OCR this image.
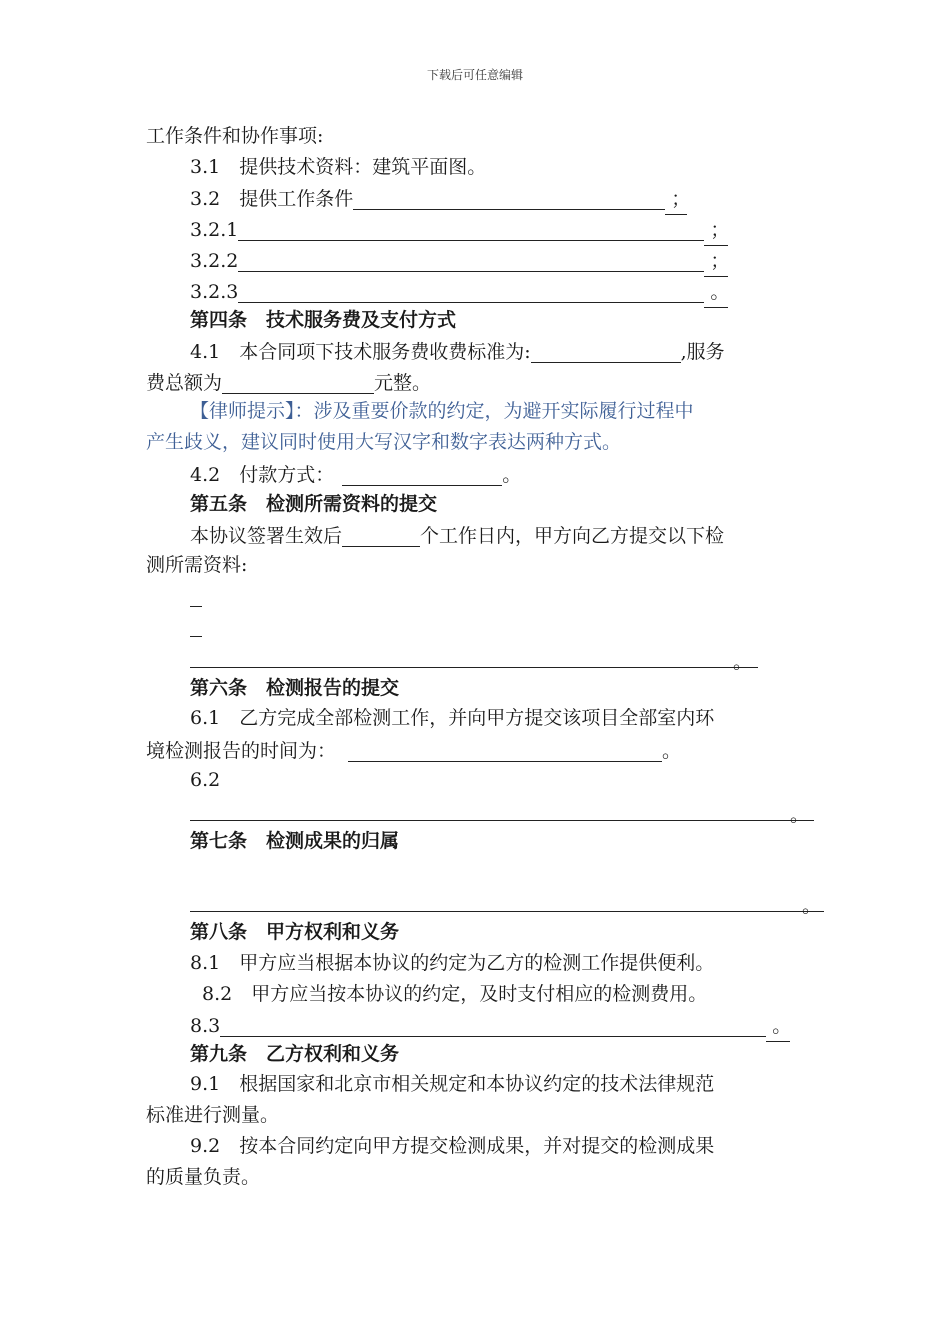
下载后可任意编辑
工作条件和协作事项:
3.1　提供技术资料：建筑平面图。
3.2　提供工作条件	；
3.2.1	；
3.2.2	；
3.2.3	。
第四条　技术服务费及支付方式
4.1　本合同项下技术服务费收费标准为:	,服务
费总额为	元整。
【律师提示】：涉及重要价款的约定，为避开实际履行过程中
产生歧义，建议同时使用大写汉字和数字表达两种方式。
4.2　付款方式：	。
第五条　检测所需资料的提交
本协议签署生效后	个工作日内，甲方向乙方提交以下检
测所需资料:
。
第六条　检测报告的提交
6.1　乙方完成全部检测工作，并向甲方提交该项目全部室内环
境检测报告的时间为：	。
6.2
。
第七条　检测成果的归属
。
第八条　甲方权利和义务
8.1　甲方应当根据本协议的约定为乙方的检测工作提供便利。
8.2　甲方应当按本协议的约定，及时支付相应的检测费用。
8.3	。
第九条　乙方权利和义务
9.1　根据国家和北京市相关规定和本协议约定的技术法律规范
标准进行测量。
9.2　按本合同约定向甲方提交检测成果，并对提交的检测成果
的质量负责。
